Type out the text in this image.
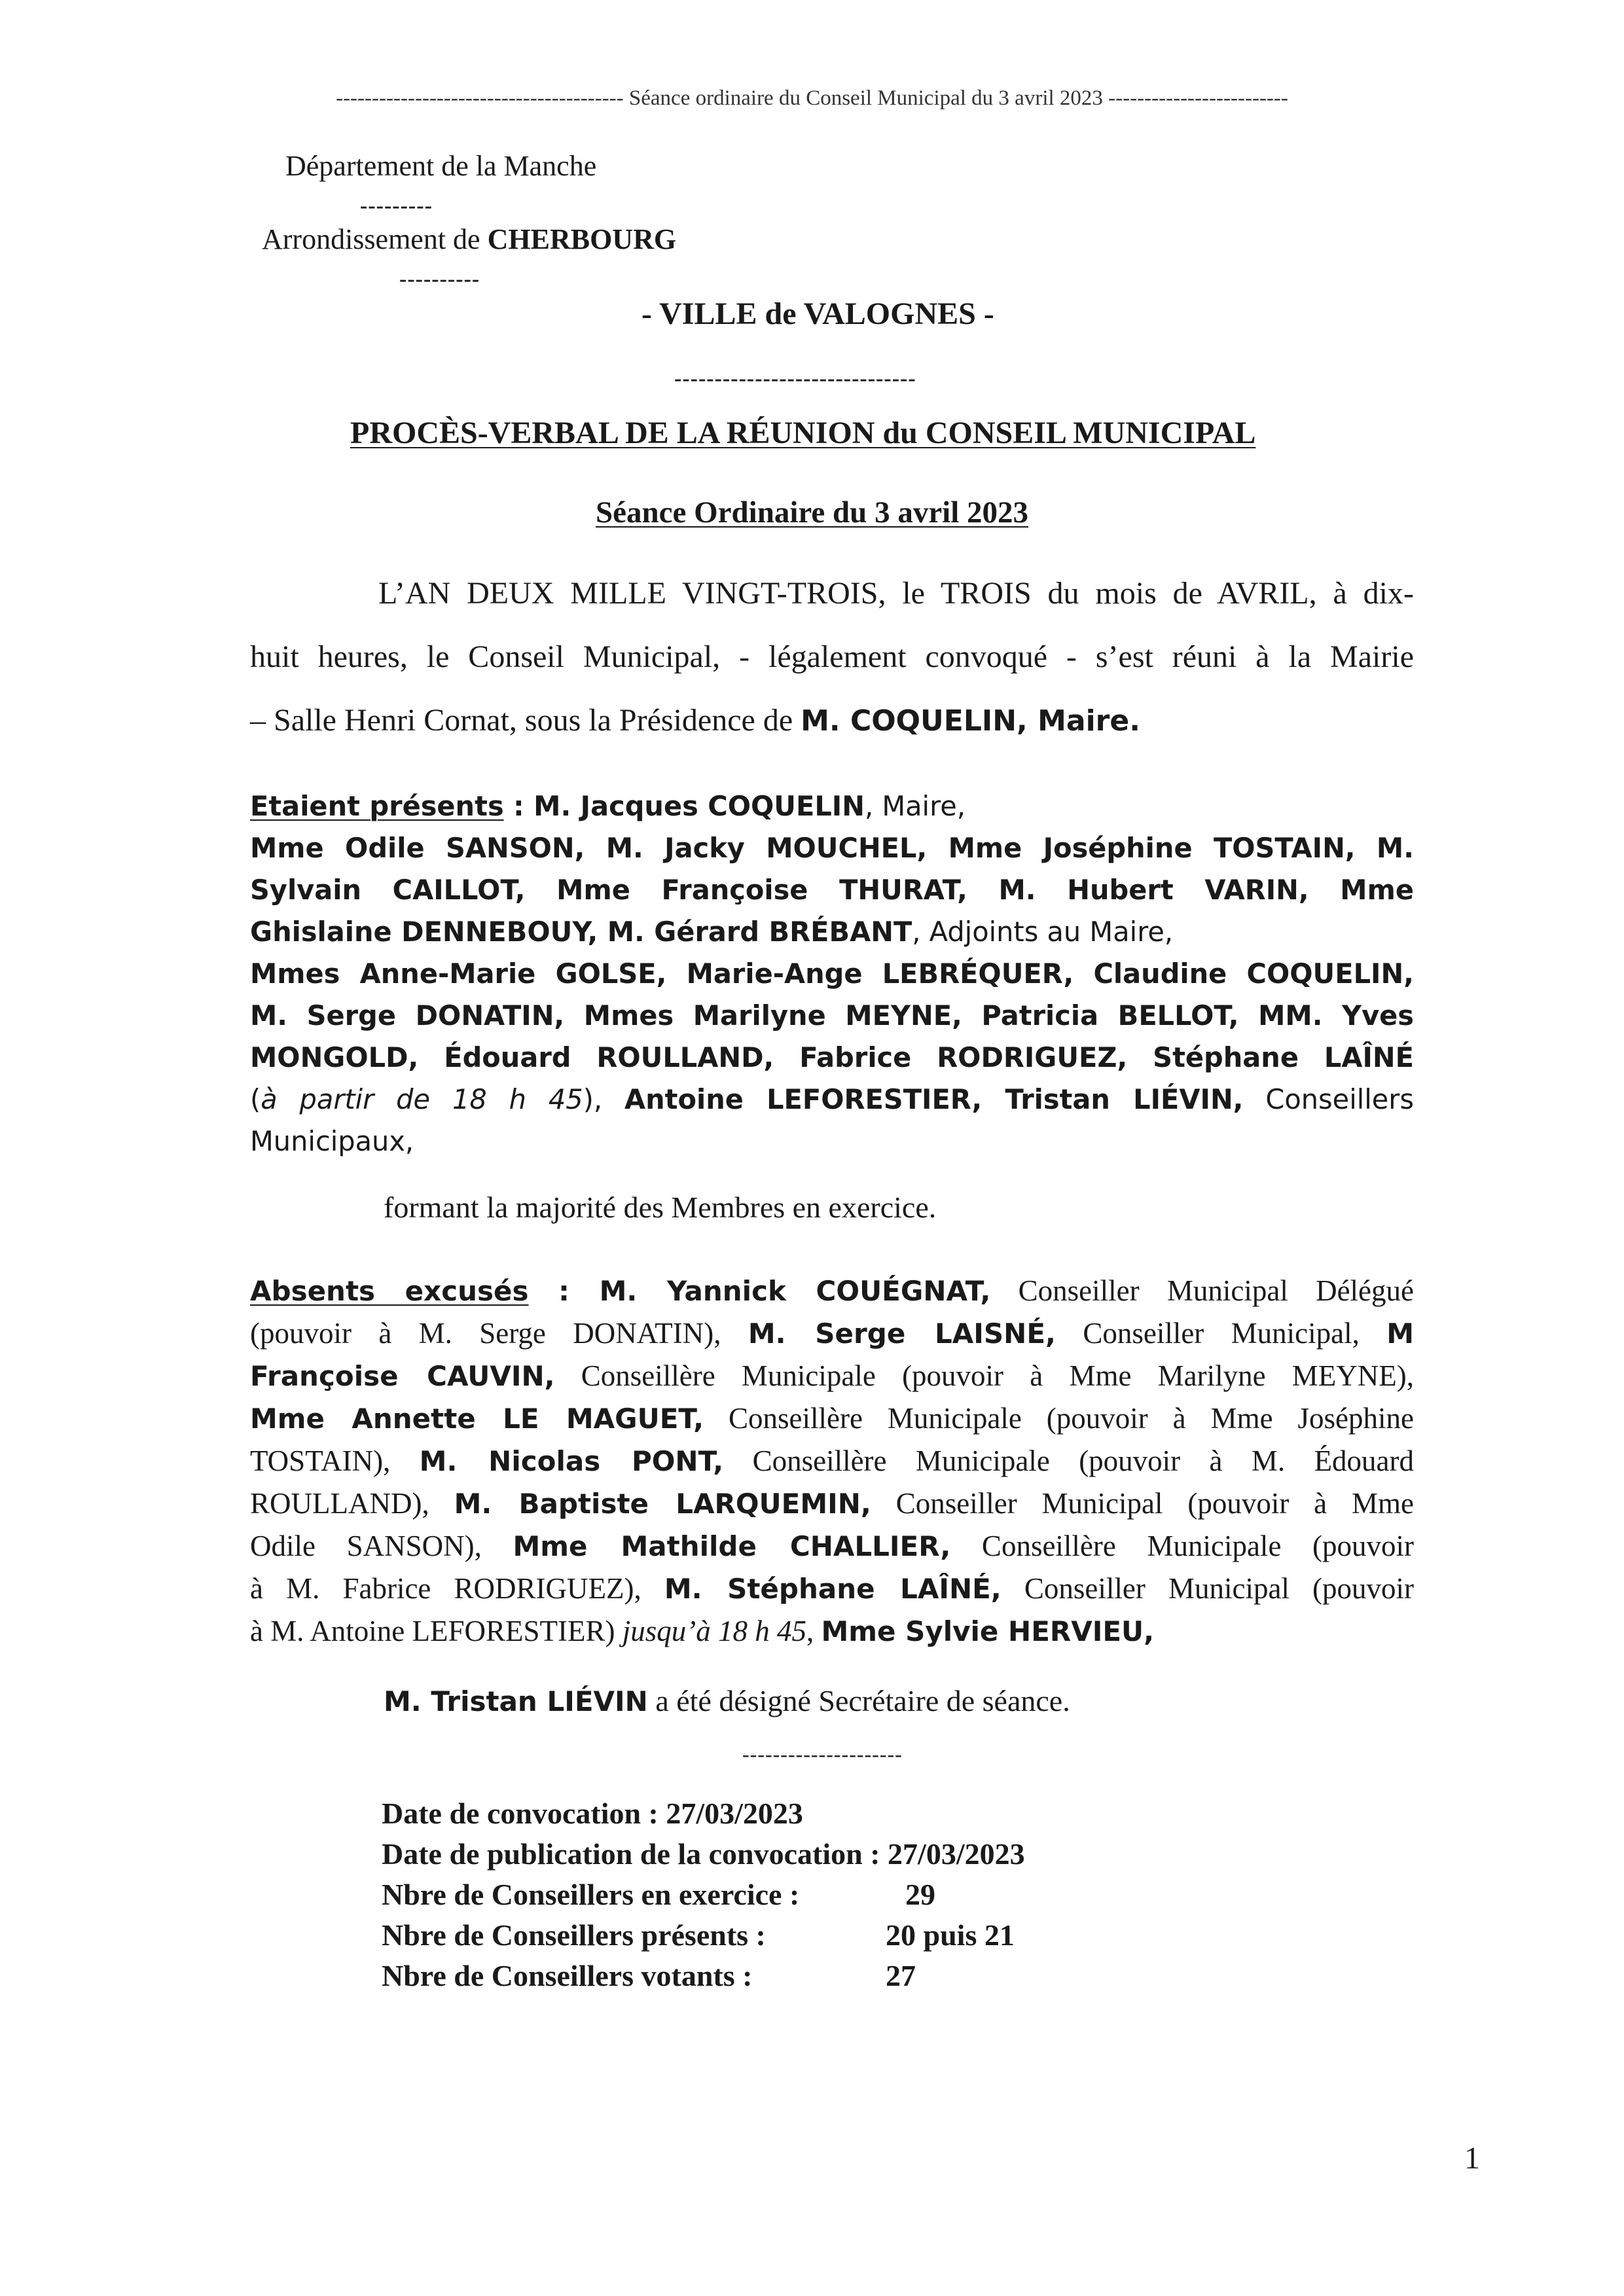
---------------------------------------- Séance ordinaire du Conseil Municipal du 3 avril 2023 -------------------------
Département de la Manche
---------
Arrondissement de CHERBOURG
----------
- VILLE de VALOGNES -
------------------------------
PROCÈS-VERBAL DE LA RÉUNION du CONSEIL MUNICIPAL
Séance Ordinaire du 3 avril 2023
L’AN DEUX MILLE VINGT-TROIS, le TROIS du mois de AVRIL, à dix-
huit heures, le Conseil Municipal, - légalement convoqué - s’est réuni à la Mairie
– Salle Henri Cornat, sous la Présidence de M. COQUELIN, Maire.
Etaient présents : M. Jacques COQUELIN, Maire,
Mme Odile SANSON, M. Jacky MOUCHEL, Mme Joséphine TOSTAIN, M.
Sylvain CAILLOT, Mme Françoise THURAT, M. Hubert VARIN, Mme
Ghislaine DENNEBOUY, M. Gérard BRÉBANT, Adjoints au Maire,
Mmes Anne-Marie GOLSE, Marie-Ange LEBRÉQUER, Claudine COQUELIN,
M. Serge DONATIN, Mmes Marilyne MEYNE, Patricia BELLOT, MM. Yves
MONGOLD, Édouard ROULLAND, Fabrice RODRIGUEZ, Stéphane LAÎNÉ
(à partir de 18 h 45), Antoine LEFORESTIER, Tristan LIÉVIN, Conseillers
Municipaux,
formant la majorité des Membres en exercice.
Absents excusés : M. Yannick COUÉGNAT, Conseiller Municipal Délégué
(pouvoir à M. Serge DONATIN), M. Serge LAISNÉ, Conseiller Municipal, M
Françoise CAUVIN, Conseillère Municipale (pouvoir à Mme Marilyne MEYNE),
Mme Annette LE MAGUET, Conseillère Municipale (pouvoir à Mme Joséphine
TOSTAIN), M. Nicolas PONT, Conseillère Municipale (pouvoir à M. Édouard
ROULLAND), M. Baptiste LARQUEMIN, Conseiller Municipal (pouvoir à Mme
Odile SANSON), Mme Mathilde CHALLIER, Conseillère Municipale (pouvoir
à M. Fabrice RODRIGUEZ), M. Stéphane LAÎNÉ, Conseiller Municipal (pouvoir
à M. Antoine LEFORESTIER) jusqu’à 18 h 45, Mme Sylvie HERVIEU,
M. Tristan LIÉVIN a été désigné Secrétaire de séance.
---------------------
Date de convocation : 27/03/2023
Date de publication de la convocation : 27/03/2023
Nbre de Conseillers en exercice :	29
Nbre de Conseillers présents :	20 puis 21
Nbre de Conseillers votants :	27
1
